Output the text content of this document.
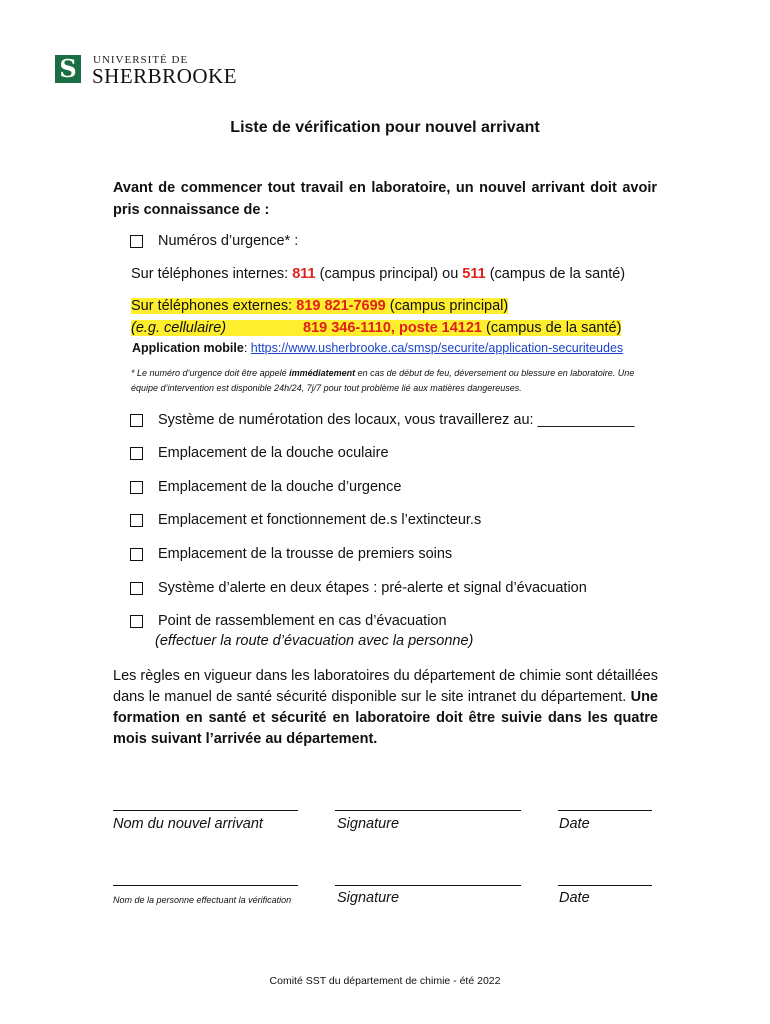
S	UNIVERSITÉ DE
SHERBROOKE
Liste de vérification pour nouvel arrivant
Avant de commencer tout travail en laboratoire, un nouvel arrivant doit avoir pris connaissance de :
Numéros d’urgence* :
Sur téléphones internes: 811 (campus principal) ou 511 (campus de la santé)
Sur téléphones externes: 819 821-7699 (campus principal)
(e.g. cellulaire)	819 346-1110, poste 14121 (campus de la santé)
Application mobile: https://www.usherbrooke.ca/smsp/securite/application-securiteudes
* Le numéro d’urgence doit être appelé immédiatement en cas de début de feu, déversement ou blessure en laboratoire. Une équipe d’intervention est disponible 24h/24, 7j/7 pour tout problème lié aux matières dangereuses.
Système de numérotation des locaux, vous travaillerez au: ____________
Emplacement de la douche oculaire
Emplacement de la douche d’urgence
Emplacement et fonctionnement de.s l’extincteur.s
Emplacement de la trousse de premiers soins
Système d’alerte en deux étapes : pré-alerte et signal d’évacuation
Point de rassemblement en cas d’évacuation
(effectuer la route d’évacuation avec la personne)
Les règles en vigueur dans les laboratoires du département de chimie sont détaillées dans le manuel de santé sécurité disponible sur le site intranet du département. Une formation en santé et sécurité en laboratoire doit être suivie dans les quatre mois suivant l’arrivée au département.
Nom du nouvel arrivant	Signature	Date
Nom de la personne effectuant la vérification	Signature	Date
Comité SST du département de chimie - été 2022
